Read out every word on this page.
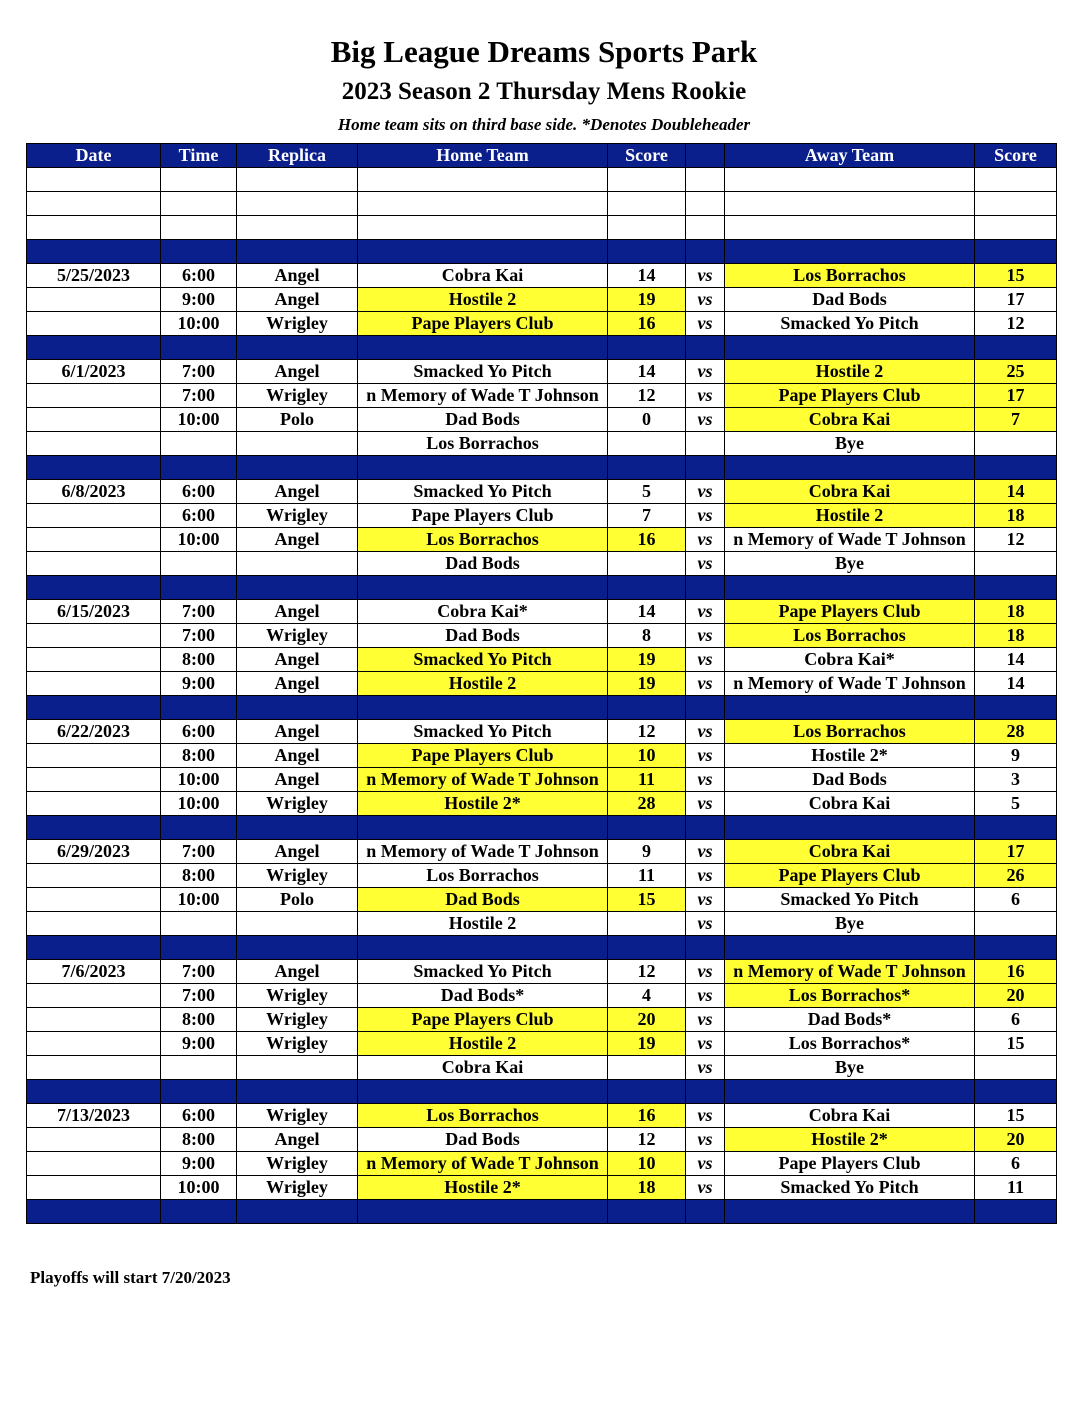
Big League Dreams Sports Park
2023 Season 2 Thursday Mens Rookie
Home team sits on third base side. *Denotes Doubleheader
Date	Time	Replica	Home Team	Score		Away Team	Score

5/25/2023	6:00	Angel	Cobra Kai	14	vs	Los Borrachos	15
	9:00	Angel	Hostile 2	19	vs	Dad Bods	17
	10:00	Wrigley	Pape Players Club	16	vs	Smacked Yo Pitch	12

6/1/2023	7:00	Angel	Smacked Yo Pitch	14	vs	Hostile 2	25
	7:00	Wrigley	n Memory of Wade T Johnson	12	vs	Pape Players Club	17
	10:00	Polo	Dad Bods	0	vs	Cobra Kai	7
			Los Borrachos			Bye	

6/8/2023	6:00	Angel	Smacked Yo Pitch	5	vs	Cobra Kai	14
	6:00	Wrigley	Pape Players Club	7	vs	Hostile 2	18
	10:00	Angel	Los Borrachos	16	vs	n Memory of Wade T Johnson	12
			Dad Bods		vs	Bye	

6/15/2023	7:00	Angel	Cobra Kai*	14	vs	Pape Players Club	18
	7:00	Wrigley	Dad Bods	8	vs	Los Borrachos	18
	8:00	Angel	Smacked Yo Pitch	19	vs	Cobra Kai*	14
	9:00	Angel	Hostile 2	19	vs	n Memory of Wade T Johnson	14

6/22/2023	6:00	Angel	Smacked Yo Pitch	12	vs	Los Borrachos	28
	8:00	Angel	Pape Players Club	10	vs	Hostile 2*	9
	10:00	Angel	n Memory of Wade T Johnson	11	vs	Dad Bods	3
	10:00	Wrigley	Hostile 2*	28	vs	Cobra Kai	5

6/29/2023	7:00	Angel	n Memory of Wade T Johnson	9	vs	Cobra Kai	17
	8:00	Wrigley	Los Borrachos	11	vs	Pape Players Club	26
	10:00	Polo	Dad Bods	15	vs	Smacked Yo Pitch	6
			Hostile 2		vs	Bye	

7/6/2023	7:00	Angel	Smacked Yo Pitch	12	vs	n Memory of Wade T Johnson	16
	7:00	Wrigley	Dad Bods*	4	vs	Los Borrachos*	20
	8:00	Wrigley	Pape Players Club	20	vs	Dad Bods*	6
	9:00	Wrigley	Hostile 2	19	vs	Los Borrachos*	15
			Cobra Kai		vs	Bye	

7/13/2023	6:00	Wrigley	Los Borrachos	16	vs	Cobra Kai	15
	8:00	Angel	Dad Bods	12	vs	Hostile 2*	20
	9:00	Wrigley	n Memory of Wade T Johnson	10	vs	Pape Players Club	6
	10:00	Wrigley	Hostile 2*	18	vs	Smacked Yo Pitch	11

Playoffs will start 7/20/2023
